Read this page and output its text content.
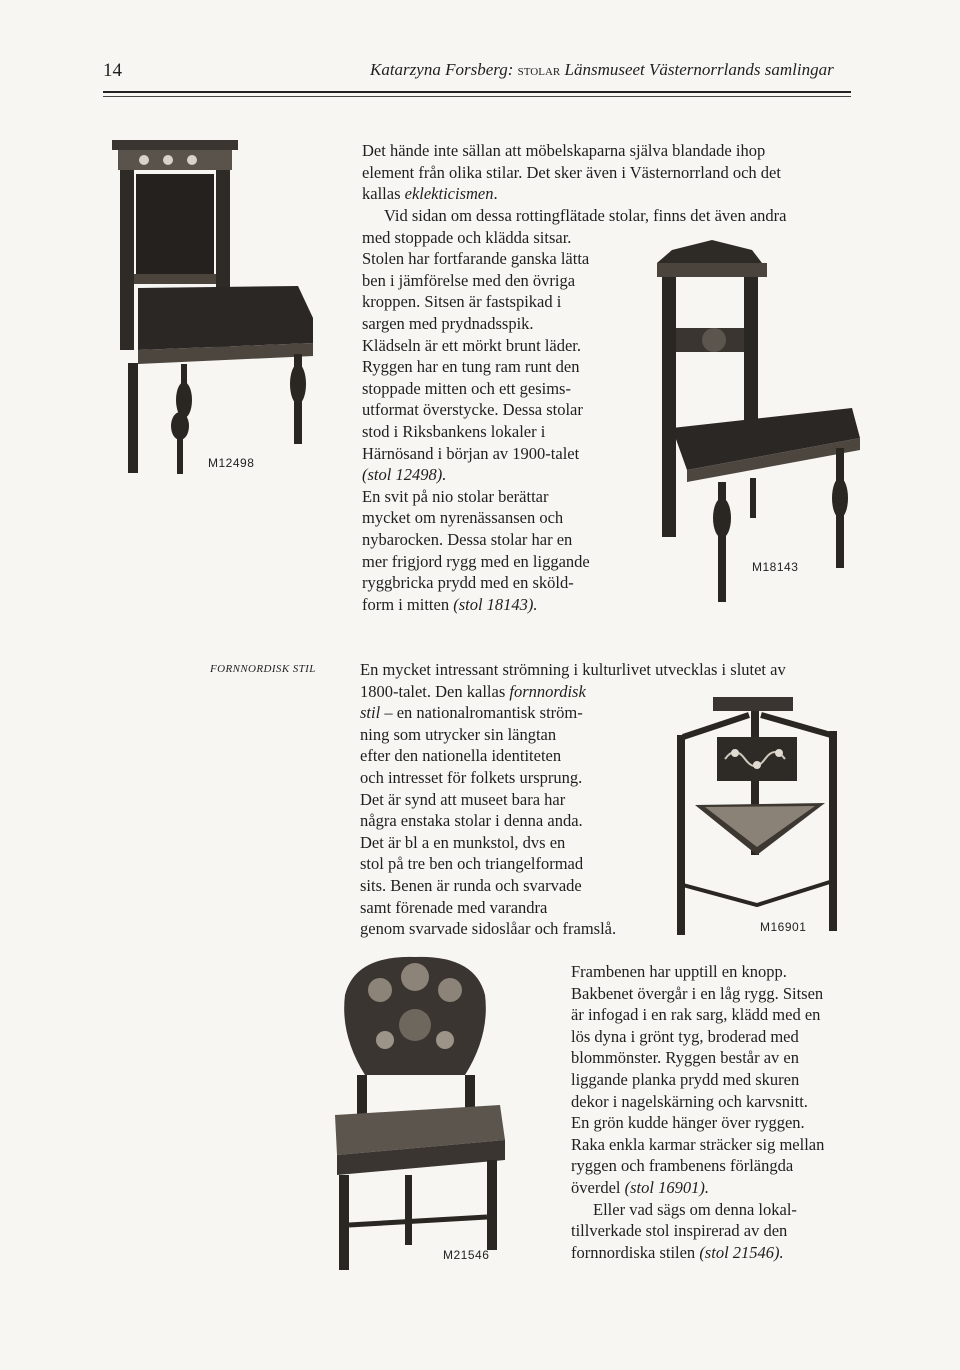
14	Katarzyna Forsberg: stolar Länsmuseet Västernorrlands samlingar
M12498
Det hände inte sällan att möbelskaparna själva blandade ihop
element från olika stilar. Det sker även i Västernorrland och det
kallas eklekticismen.
Vid sidan om dessa rottingflätade stolar, finns det även andra
med stoppade och klädda sitsar.
Stolen har fortfarande ganska lätta
ben i jämförelse med den övriga
kroppen. Sitsen är fastspikad i
sargen med prydnadsspik.
Klädseln är ett mörkt brunt läder.
Ryggen har en tung ram runt den
stoppade mitten och ett gesims-
utformat överstycke. Dessa stolar
stod i Riksbankens lokaler i
Härnösand i början av 1900-talet
(stol 12498).
En svit på nio stolar berättar
mycket om nyrenässansen och
nybarocken. Dessa stolar har en
mer frigjord rygg med en liggande
ryggbricka prydd med en sköld-
form i mitten (stol 18143).
M18143
FORNNORDISK STIL	En mycket intressant strömning i kulturlivet utvecklas i slutet av
1800-talet. Den kallas fornnordisk
stil – en nationalromantisk ström-
ning som utrycker sin längtan
efter den nationella identiteten
och intresset för folkets ursprung.
Det är synd att museet bara har
några enstaka stolar i denna anda.
Det är bl a en munkstol, dvs en
stol på tre ben och triangelformad
sits. Benen är runda och svarvade
samt förenade med varandra
genom svarvade sidoslåar och framslå.	M16901
M21546
Frambenen har upptill en knopp.
Bakbenet övergår i en låg rygg. Sitsen
är infogad i en rak sarg, klädd med en
lös dyna i grönt tyg, broderad med
blommönster. Ryggen består av en
liggande planka prydd med skuren
dekor i nagelskärning och karvsnitt.
En grön kudde hänger över ryggen.
Raka enkla karmar sträcker sig mellan
ryggen och frambenens förlängda
överdel (stol 16901).
Eller vad sägs om denna lokal-
tillverkade stol inspirerad av den
fornnordiska stilen (stol 21546).
